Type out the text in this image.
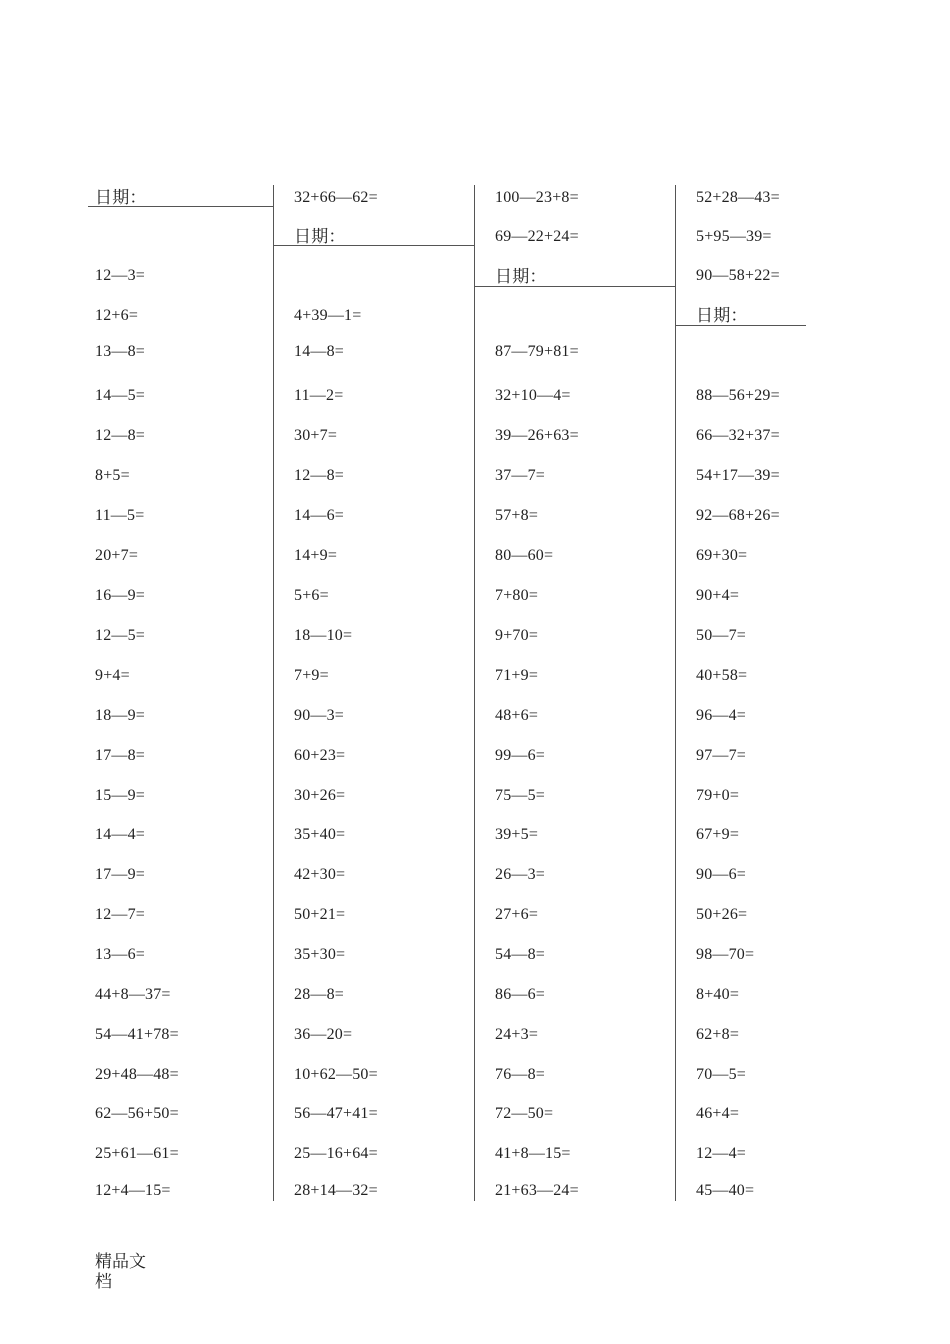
日期：
12—3=
12+6=
13—8=
14—5=
12—8=
8+5=
11—5=
20+7=
16—9=
12—5=
9+4=
18—9=
17—8=
15—9=
14—4=
17—9=
12—7=
13—6=
44+8—37=
54—41+78=
29+48—48=
62—56+50=
25+61—61=
12+4—15=
32+66—62=
日期：
4+39—1=
14—8=
11—2=
30+7=
12—8=
14—6=
14+9=
5+6=
18—10=
7+9=
90—3=
60+23=
30+26=
35+40=
42+30=
50+21=
35+30=
28—8=
36—20=
10+62—50=
56—47+41=
25—16+64=
28+14—32=
100—23+8=
69—22+24=
日期：
87—79+81=
32+10—4=
39—26+63=
37—7=
57+8=
80—60=
7+80=
9+70=
71+9=
48+6=
99—6=
75—5=
39+5=
26—3=
27+6=
54—8=
86—6=
24+3=
76—8=
72—50=
41+8—15=
21+63—24=
52+28—43=
5+95—39=
90—58+22=
日期：
88—56+29=
66—32+37=
54+17—39=
92—68+26=
69+30=
90+4=
50—7=
40+58=
96—4=
97—7=
79+0=
67+9=
90—6=
50+26=
98—70=
8+40=
62+8=
70—5=
46+4=
12—4=
45—40=
精品文
档
